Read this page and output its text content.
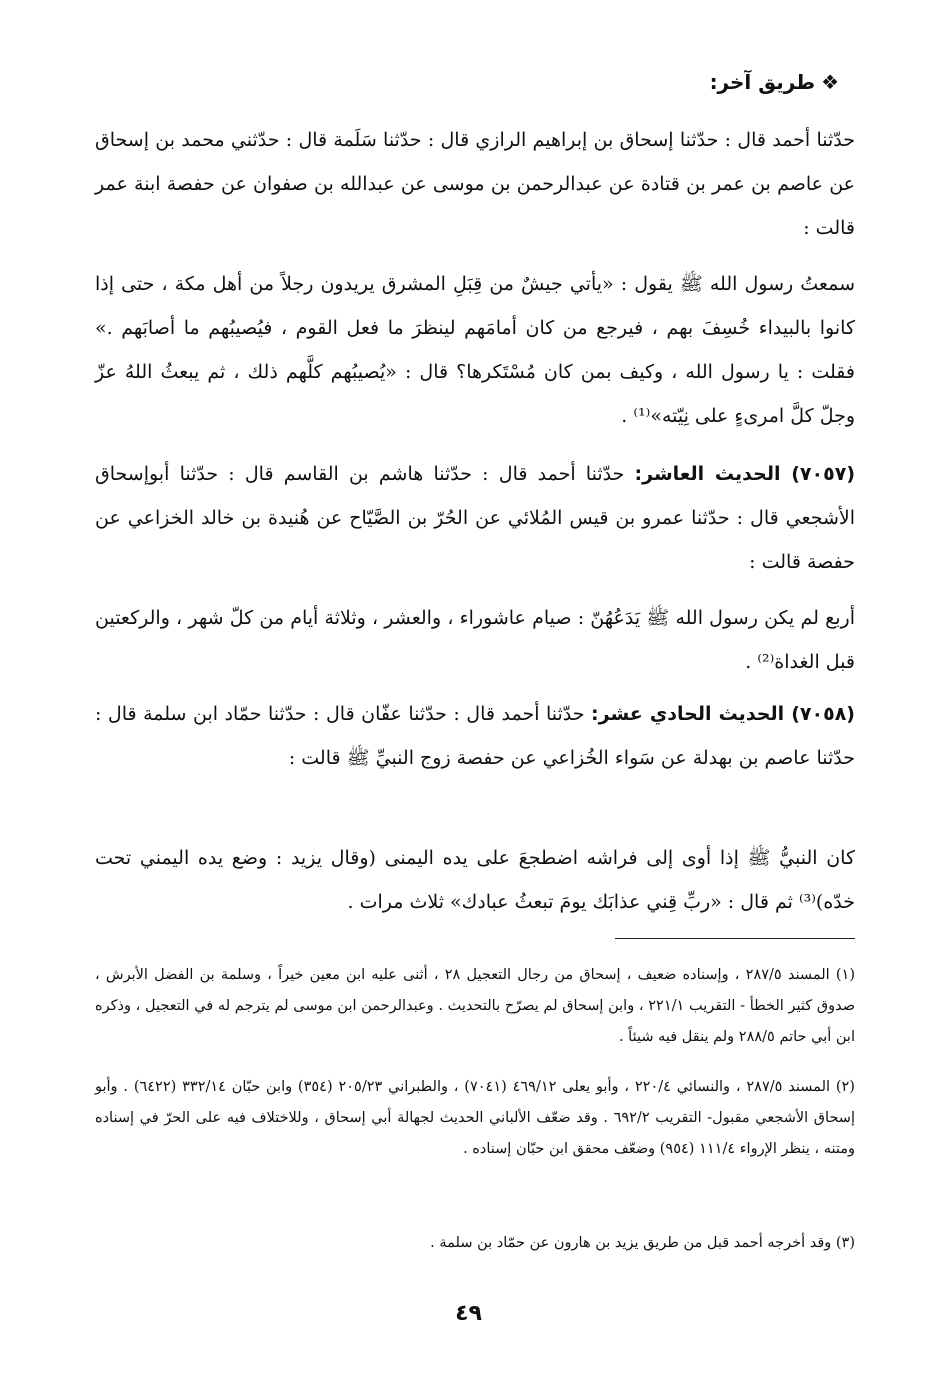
❖طريق آخر:

حدّثنا أحمد قال : حدّثنا إسحاق بن إبراهيم الرازي قال : حدّثنا سَلَمة قال : حدّثني محمد بن إسحاق عن عاصم بن عمر بن قتادة عن عبدالرحمن بن موسى عن عبدالله بن صفوان عن حفصة ابنة عمر قالت :

سمعتُ رسول الله ﷺ يقول : «يأتي جيشٌ من قِبَلِ المشرق يريدون رجلاً من أهل مكة ، حتى إذا كانوا بالبيداء خُسِفَ بهم ، فيرجع من كان أمامَهم لينظرَ ما فعل القوم ، فيُصيبُهم ما أصابَهم .» فقلت : يا رسول الله ، وكيف بمن كان مُسْتَكرها؟ قال : «يُصيبُهم كلَّهم ذلك ، ثم يبعثُ اللهُ عزّ وجلّ كلَّ امرىءٍ على نِيّته»⁽¹⁾ .

(٧٠٥٧) الحديث العاشر: حدّثنا أحمد قال : حدّثنا هاشم بن القاسم قال : حدّثنا أبوإسحاق الأشجعي قال : حدّثنا عمرو بن قيس المُلائي عن الحُرّ بن الصَّيّاح عن هُنيدة بن خالد الخزاعي عن حفصة قالت :

أربع لم يكن رسول الله ﷺ يَدَعُهُنّ : صيام عاشوراء ، والعشر ، وثلاثة أيام من كلّ شهر ، والركعتين قبل الغداة⁽²⁾ .

(٧٠٥٨) الحديث الحادي عشر: حدّثنا أحمد قال : حدّثنا عفّان قال : حدّثنا حمّاد ابن سلمة قال : حدّثنا عاصم بن بهدلة عن سَواء الخُزاعي عن حفصة زوج النبيِّ ﷺ قالت :

كان النبيُّ ﷺ إذا أوى إلى فراشه اضطجعَ على يده اليمنى (وقال يزيد : وضع يده اليمني تحت خدّه)⁽³⁾ ثم قال : «ربِّ قِني عذابَك يومَ تبعثُ عبادك» ثلاث مرات .

(١) المسند ٢٨٧/٥ ، وإسناده ضعيف ، إسحاق من رجال التعجيل ٢٨ ، أثنى عليه ابن معين خيراً ، وسلمة بن الفضل الأبرش ، صدوق كثير الخطأ - التقريب ٢٢١/١ ، وابن إسحاق لم يصرّح بالتحديث . وعبدالرحمن ابن موسى لم يترجم له في التعجيل ، وذكره ابن أبي حاتم ٢٨٨/٥ ولم ينقل فيه شيئاً .

(٢) المسند ٢٨٧/٥ ، والنسائي ٢٢٠/٤ ، وأبو يعلى ٤٦٩/١٢ (٧٠٤١) ، والطبراني ٢٠٥/٢٣ (٣٥٤) وابن حبّان ٣٣٢/١٤ (٦٤٢٢) . وأبو إسحاق الأشجعي مقبول- التقريب ٦٩٢/٢ . وقد ضعّف الألباني الحديث لجهالة أبي إسحاق ، وللاختلاف فيه على الحرّ في إسناده ومتنه ، ينظر الإرواء ١١١/٤ (٩٥٤) وضعّف محقق ابن حبّان إسناده .

(٣) وقد أخرجه أحمد قبل من طريق يزيد بن هارون عن حمّاد بن سلمة .

٤٩
